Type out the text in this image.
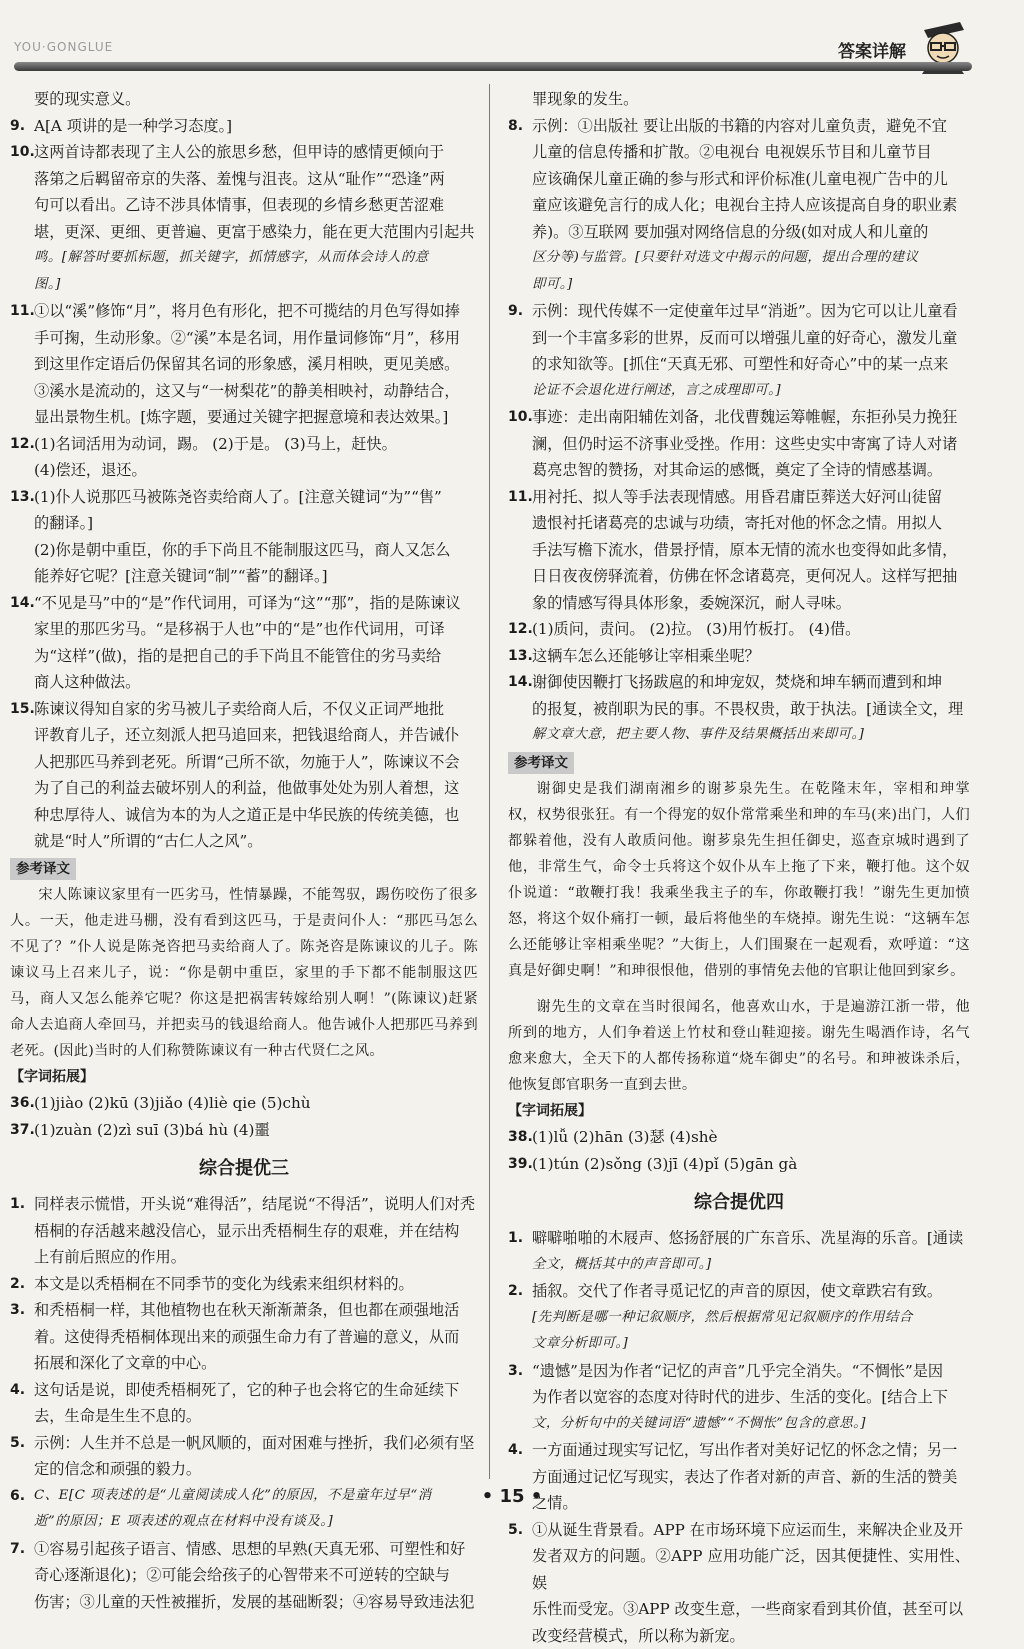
YOU·GONGLUE	答案详解
要的现实意义。
9. A[A 项讲的是一种学习态度。]
10. 这两首诗都表现了主人公的旅思乡愁，但甲诗的感情更倾向于
落第之后羁留帝京的失落、羞愧与沮丧。这从“耻作”“恐逢”两
句可以看出。乙诗不涉具体情事，但表现的乡情乡愁更苦涩难
堪，更深、更细、更普遍、更富于感染力，能在更大范围内引起共
鸣。[解答时要抓标题，抓关键字，抓情感字，从而体会诗人的意
图。]
11. ①以“溪”修饰“月”，将月色有形化，把不可揽结的月色写得如捧
手可掬，生动形象。②“溪”本是名词，用作量词修饰“月”，移用
到这里作定语后仍保留其名词的形象感，溪月相映，更见美感。
③溪水是流动的，这又与“一树梨花”的静美相映衬，动静结合，
显出景物生机。[炼字题，要通过关键字把握意境和表达效果。]
12. (1)名词活用为动词，踢。 (2)于是。 (3)马上，赶快。
(4)偿还，退还。
13. (1)仆人说那匹马被陈尧咨卖给商人了。[注意关键词“为”“售”
的翻译。]
(2)你是朝中重臣，你的手下尚且不能制服这匹马，商人又怎么
能养好它呢？[注意关键词“制”“蓄”的翻译。]
14. “不见是马”中的“是”作代词用，可译为“这”“那”，指的是陈谏议
家里的那匹劣马。“是移祸于人也”中的“是”也作代词用，可译
为“这样”(做)，指的是把自己的手下尚且不能管住的劣马卖给
商人这种做法。
15. 陈谏议得知自家的劣马被儿子卖给商人后，不仅义正词严地批
评教育儿子，还立刻派人把马追回来，把钱退给商人，并告诫仆
人把那匹马养到老死。所谓“己所不欲，勿施于人”，陈谏议不会
为了自己的利益去破坏别人的利益，他做事处处为别人着想，这
种忠厚待人、诚信为本的为人之道正是中华民族的传统美德，也
就是“时人”所谓的“古仁人之风”。
参考译文
宋人陈谏议家里有一匹劣马，性情暴躁，不能驾驭，踢伤咬伤了很多人。一天，他走进马棚，没有看到这匹马，于是责问仆人：“那匹马怎么不见了？”仆人说是陈尧咨把马卖给商人了。陈尧咨是陈谏议的儿子。陈谏议马上召来儿子，说：“你是朝中重臣，家里的手下都不能制服这匹马，商人又怎么能养它呢？你这是把祸害转嫁给别人啊！”(陈谏议)赶紧命人去追商人牵回马，并把卖马的钱退给商人。他告诫仆人把那匹马养到老死。(因此)当时的人们称赞陈谏议有一种古代贤仁之风。
【字词拓展】
36. (1)jiào (2)kū (3)jiǎo (4)liè qie (5)chù
37. (1)zuàn (2)zì suī (3)bá hù (4)噩
综合提优三
1. 同样表示慌惜，开头说“难得活”，结尾说“不得活”，说明人们对秃
梧桐的存活越来越没信心，显示出秃梧桐生存的艰难，并在结构
上有前后照应的作用。
2. 本文是以秃梧桐在不同季节的变化为线索来组织材料的。
3. 和秃梧桐一样，其他植物也在秋天渐渐萧条，但也都在顽强地活
着。这使得秃梧桐体现出来的顽强生命力有了普遍的意义，从而
拓展和深化了文章的中心。
4. 这句话是说，即使秃梧桐死了，它的种子也会将它的生命延续下
去，生命是生生不息的。
5. 示例：人生并不总是一帆风顺的，面对困难与挫折，我们必须有坚
定的信念和顽强的毅力。
6. C、E[C 项表述的是“儿童阅读成人化”的原因，不是童年过早“消
逝”的原因；E 项表述的观点在材料中没有谈及。]
7. ①容易引起孩子语言、情感、思想的早熟(天真无邪、可塑性和好
奇心逐渐退化)；②可能会给孩子的心智带来不可逆转的空缺与
伤害；③儿童的天性被摧折，发展的基础断裂；④容易导致违法犯
罪现象的发生。
8. 示例：①出版社 要让出版的书籍的内容对儿童负责，避免不宜
儿童的信息传播和扩散。②电视台 电视娱乐节目和儿童节目
应该确保儿童正确的参与形式和评价标准(儿童电视广告中的儿
童应该避免言行的成人化；电视台主持人应该提高自身的职业素
养)。③互联网 要加强对网络信息的分级(如对成人和儿童的
区分等)与监管。[只要针对选文中揭示的问题，提出合理的建议
即可。]
9. 示例：现代传媒不一定使童年过早“消逝”。因为它可以让儿童看
到一个丰富多彩的世界，反而可以增强儿童的好奇心，激发儿童
的求知欲等。[抓住“天真无邪、可塑性和好奇心”中的某一点来
论证不会退化进行阐述，言之成理即可。]
10. 事迹：走出南阳辅佐刘备，北伐曹魏运筹帷幄，东拒孙吴力挽狂
澜，但仍时运不济事业受挫。作用：这些史实中寄寓了诗人对诸
葛亮忠智的赞扬，对其命运的感慨，奠定了全诗的情感基调。
11. 用衬托、拟人等手法表现情感。用昏君庸臣葬送大好河山徒留
遗恨衬托诸葛亮的忠诚与功绩，寄托对他的怀念之情。用拟人
手法写檐下流水，借景抒情，原本无情的流水也变得如此多情，
日日夜夜傍驿流着，仿佛在怀念诸葛亮，更何况人。这样写把抽
象的情感写得具体形象，委婉深沉，耐人寻味。
12. (1)质问，责问。 (2)拉。 (3)用竹板打。 (4)借。
13. 这辆车怎么还能够让宰相乘坐呢？
14. 谢御使因鞭打飞扬跋扈的和坤宠奴，焚烧和坤车辆而遭到和坤
的报复，被削职为民的事。不畏权贵，敢于执法。[通读全文，理
解文章大意，把主要人物、事件及结果概括出来即可。]
参考译文
谢御史是我们湖南湘乡的谢芗泉先生。在乾隆末年，宰相和珅掌权，权势很张狂。有一个得宠的奴仆常常乘坐和珅的车马(来)出门，人们都躲着他，没有人敢质问他。谢芗泉先生担任御史，巡查京城时遇到了他，非常生气，命令士兵将这个奴仆从车上拖了下来，鞭打他。这个奴仆说道：“敢鞭打我！我乘坐我主子的车，你敢鞭打我！”谢先生更加愤怒，将这个奴仆痛打一顿，最后将他坐的车烧掉。谢先生说：“这辆车怎么还能够让宰相乘坐呢？”大街上，人们围聚在一起观看，欢呼道：“这真是好御史啊！”和珅很恨他，借别的事情免去他的官职让他回到家乡。
谢先生的文章在当时很闻名，他喜欢山水，于是遍游江浙一带，他所到的地方，人们争着送上竹杖和登山鞋迎接。谢先生喝酒作诗，名气愈来愈大，全天下的人都传扬称道“烧车御史”的名号。和珅被诛杀后，他恢复郎官职务一直到去世。
【字词拓展】
38. (1)lǚ (2)hān (3)瑟 (4)shè
39. (1)tún (2)sǒng (3)jī (4)pǐ (5)gān gà
综合提优四
1. 噼噼啪啪的木屐声、悠扬舒展的广东音乐、冼星海的乐音。[通读
全文，概括其中的声音即可。]
2. 插叙。交代了作者寻觅记忆的声音的原因，使文章跌宕有致。
[先判断是哪一种记叙顺序，然后根据常见记叙顺序的作用结合
文章分析即可。]
3. “遗憾”是因为作者“记忆的声音”几乎完全消失。“不惆怅”是因
为作者以宽容的态度对待时代的进步、生活的变化。[结合上下
文，分析句中的关键词语“遗憾”“不惆怅”包含的意思。]
4. 一方面通过现实写记忆，写出作者对美好记忆的怀念之情；另一
方面通过记忆写现实，表达了作者对新的声音、新的生活的赞美
之情。
5. ①从诞生背景看。APP 在市场环境下应运而生，来解决企业及开
发者双方的问题。②APP 应用功能广泛，因其便捷性、实用性、娱
乐性而受宠。③APP 改变生意，一些商家看到其价值，甚至可以
改变经营模式，所以称为新宠。
• 15 •
